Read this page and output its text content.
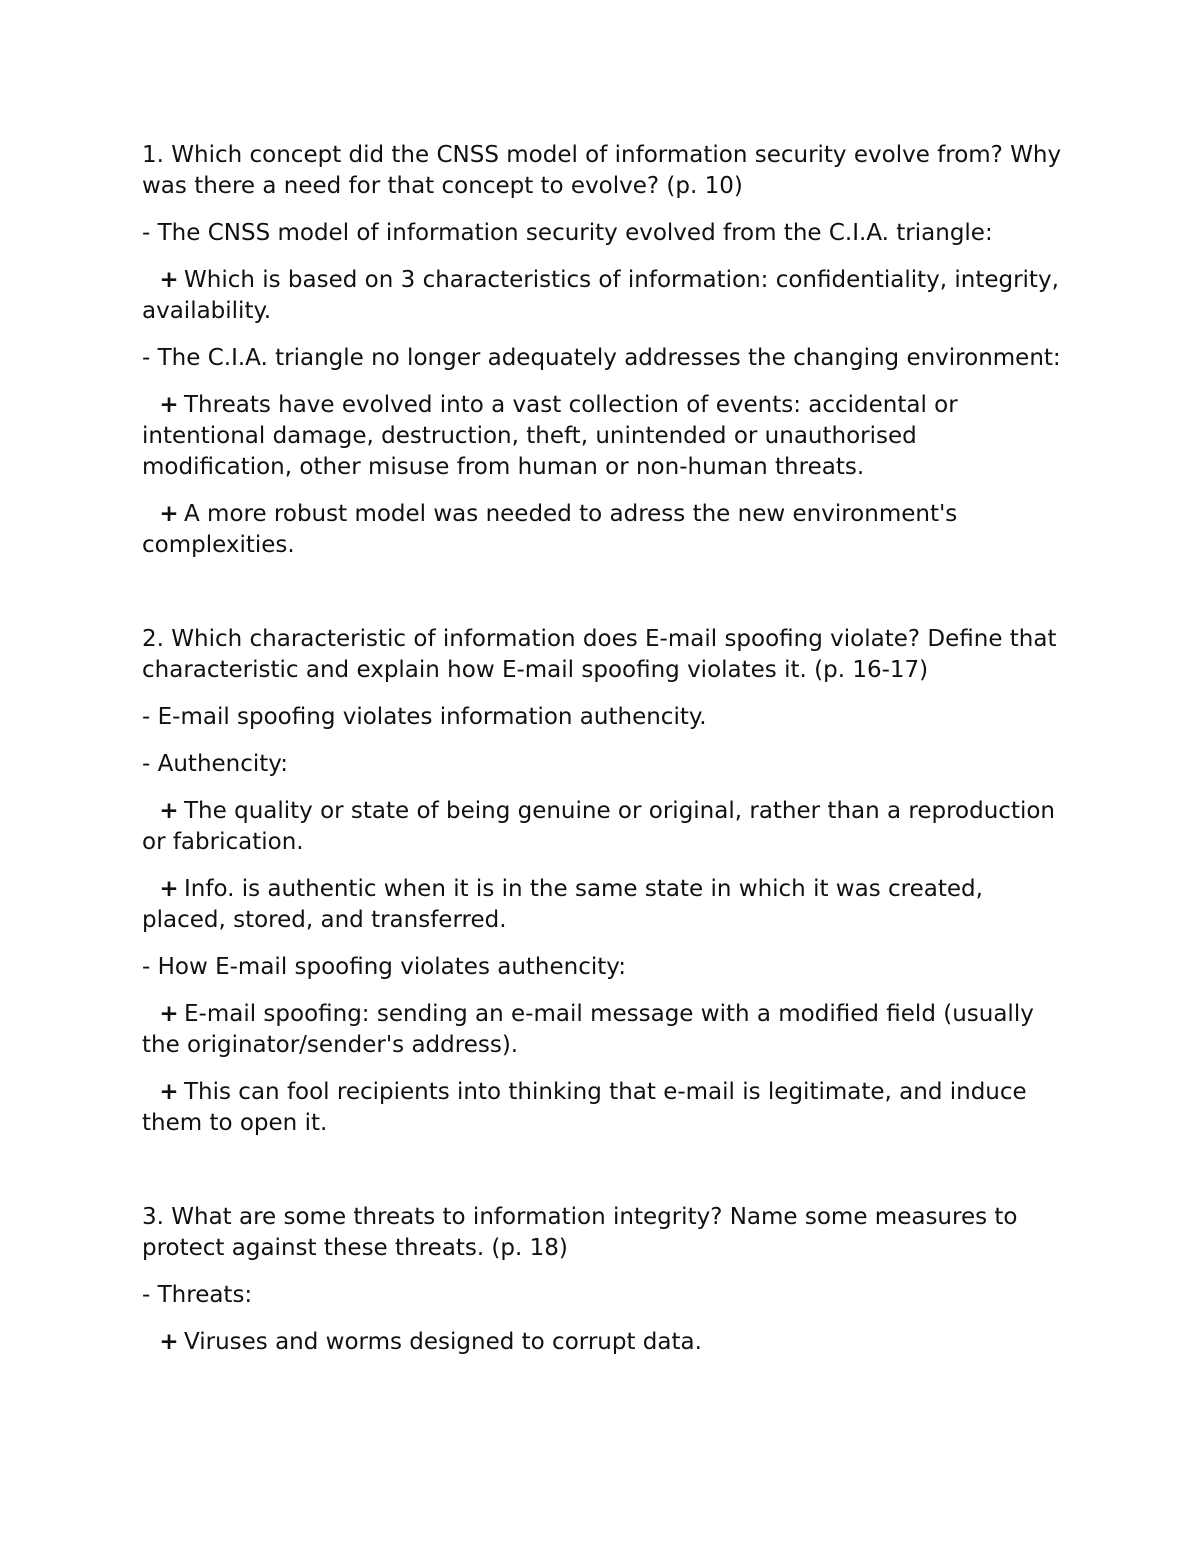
1. Which concept did the CNSS model of information security evolve from? Why was there a need for that concept to evolve? (p. 10)

- The CNSS model of information security evolved from the C.I.A. triangle:

+ Which is based on 3 characteristics of information: confidentiality, integrity, availability.

- The C.I.A. triangle no longer adequately addresses the changing environment:

+ Threats have evolved into a vast collection of events: accidental or intentional damage, destruction, theft, unintended or unauthorised modification, other misuse from human or non-human threats.

+ A more robust model was needed to adress the new environment's complexities.

2. Which characteristic of information does E-mail spoofing violate? Define that characteristic and explain how E-mail spoofing violates it. (p. 16-17)

- E-mail spoofing violates information authencity.

- Authencity:

+ The quality or state of being genuine or original, rather than a reproduction or fabrication.

+ Info. is authentic when it is in the same state in which it was created, placed, stored, and transferred.

- How E-mail spoofing violates authencity:

+ E-mail spoofing: sending an e-mail message with a modified field (usually the originator/sender's address).

+ This can fool recipients into thinking that e-mail is legitimate, and induce them to open it.

3. What are some threats to information integrity? Name some measures to protect against these threats. (p. 18)

- Threats:

+ Viruses and worms designed to corrupt data.
